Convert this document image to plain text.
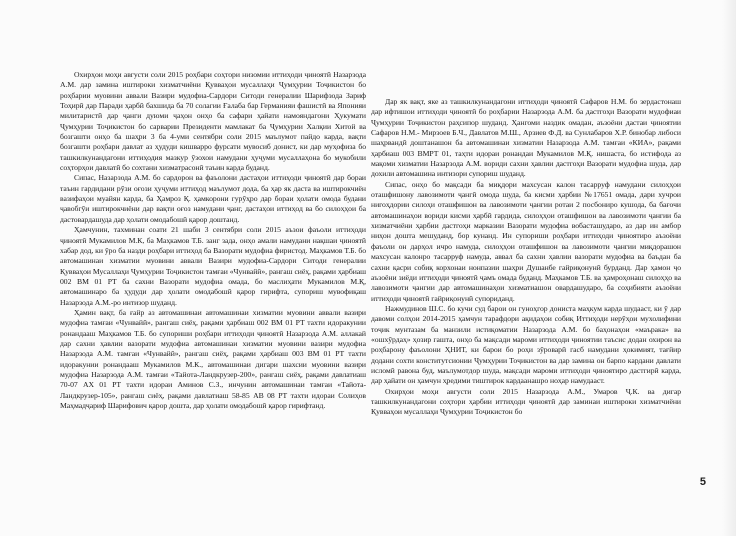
Охирҳои моҳи августи соли 2015 роҳбари соҳтори низомии иттиҳоди ҷиноятӣ Назарзода А.М. дар замина иштироки хизматчиёни Қувваҳои мусаллаҳи Ҷумҳурии Тоҷикистон бо роҳбарии муовини аввали Вазири мудофиа-Сардори Ситоди генералии Шарифзода Зариф Тоҳирӣ дар Паради ҳарбӣ бахшида ба 70 солагии Ғалаба бар Германияи фашистӣ ва Японияи милитаристӣ дар ҷанги дуюми ҷаҳон онҳо ба сафари ҳайати намояндагони Ҳукумати Ҷумҳурии Тоҷикистон бо сарварии Президенти мамлакат ба Ҷумҳурии Халқии Хитой ва бозгашти онҳо ба шаҳри 3 ба 4-уми сентябри соли 2015 маълумот пайдо карда, вақти бозгашти роҳбари давлат аз ҳудуди кишварро фурсати мувосиб донист, ки дар муҳофиза бо ташкилкунандагони иттиҳодия мазкур ӯзохои намудани ҳуҷуми мусаллаҳона бо мукобили соҳторҳои давлатӣ бо сохтани хизматрасонӣ таъин карда буданд.

Сипас, Назарзода А.М. бо сардорон ва фаъолони дастаҳои иттиҳоди ҷиноятӣ дар бораи таъин гардидани рӯзи оғози ҳуҷуми иттиҳод маълумот дода, ба ҳар як даста ва иштирокчиён вазифаҳои муайян карда, ба Ҳамроз Қ. ҳамкорони гурӯҳро дар бораи ҳолати омода будани ҷавобгӯи иштирокчиёни дар вақти оғоз намудани ҷанг, дастаҳои иттиҳод ва бо силоҳҳои ба дастовардашуда дар ҳолати омодабошӣ қарор доштанд.

Ҳамчунин, тахминан соати 21 шаби 3 сентябри соли 2015 аъзои фаъоли иттиҳоди ҷиноятӣ Мукамилов М.К, ба Маҳкамов Т.Б. занг зада, онҳо амали намудани нақшаи ҷиноятӣ хабар дод, ки ӯро ба назди роҳбари иттиҳод ба Вазорати мудофиа фиристод. Маҳкамов Т.Б. бо автомашинаи хизматии муовини аввали Вазири мудофиа-Сардори Ситоди генералии Қувваҳои Мусаллаҳи Ҷумҳурии Тоҷикистон тамғаи «Чунвайӣ», рангаш сиёҳ, рақами ҳарбиаш 002 ВМ 01 РТ ба сахни Вазорати мудофиа омада, бо маслиҳати Мукамилов М.Қ, автомашинаро ба ҳудуди дар ҳолати омодабошӣ қарор гирифта, супориш мувофиқаш Назарзода А.М.-ро интизор шуданд.

Ҳамин вақт, ба ғайр аз автомашинаи автомашинаи хизматии муовини аввали вазири мудофиа тамғаи «Чунвайӣ», рангаш сиёҳ, рақами ҳарбиаш 002 ВМ 01 РТ тахти идоракунии ронандааш Маҳкамов Т.Б. бо супориши роҳбари иттиҳоди ҷиноятӣ Назарзода А.М. аллакай дар сахни ҳавлии вазорати мудофиа автомашинаи хизматии муовини вазири мудофиа Назарзода А.М. тамғаи «Чунвайӣ», рангаш сиёҳ, рақами ҳарбиаш 003 ВМ 01 РТ тахти идоракунии ронандааш Мукамилов М.К., автомашинаи дигари шахсии муовини вазири мудофиа Назарзода А.М. тамғаи «Тайота-Ландкрузер-200», рангаш сиёҳ, рақами давлатиаш 70-07 АХ 01 РТ тахти идораи Аминов С.З., инчунин автомашинаи тамғаи «Тайота-Ландкрузер-105», рангаш сиёҳ, рақами давлатиаш 58-85 АВ 08 РТ тахти идораи Солиҳов Маҳмадҷариф Шарифович қарор дошта, дар ҳолати омодабошӣ қарор гирифтанд.

Дар як вақт, яке аз ташкилкунандагони иттиҳоди ҷиноятӣ Сафаров Н.М. бо зердастонаш дар ифтишои иттиҳоди ҷиноятӣ бо роҳбарии Назарзода А.М. ба дастгоҳи Вазорати мудофиаи Ҷумҳурии Тоҷикистон раҳсипор шуданд. Ҳангоми наздик омадан, аъзоёни дастаи ҷиноятии Сафаров Н.М.- Мирзоев Б.Ч., Давлатов М.Ш., Арзиев Ф.Д. ва Сунлабаров Х.Р. бинобар либоси шаҳрвандӣ доштанашон ба автомашинаи хизматии Назарзода А.М. тамғаи «КИА», рақами ҳарбиаш 003 ВМРТ 01, таҳти идораи ронандаи Мукамилов М.Қ. нишаста, бо истифода аз мақоми хизматии Назарзода А.М. вориди сахни ҳавлии дастгоҳи Вазорати мудофиа шуда, дар дохили автомашина интизори супориш шуданд.

Сипас, онҳо бо мақсади ба миқдори махсусан калон тасарруф намудани силоҳҳои оташфишону лавозимоти ҷангӣ омода шуда, ба кисми ҳарбии №17651 омада, дари хучрои нигоҳдории силоҳи оташфишон ва лавозимоти ҷангии ротаи 2 посбониро кушода, ба бағочи автомашинаҳои вориди кисми ҳарбӣ гардида, силоҳҳои оташфишон ва лавозимоти ҷангии ба хизматчиёни ҳарбии дастгоҳи марказии Вазорати мудофиа вобасташударо, аз дар ин амбор ниҳон дошта мешуданд, бор кунанд. Ин супориши роҳбари иттиҳоди ҷиноятиро аъзоёни фаъоли он дарҳол ичро намуда, силоҳҳои оташфишон ва лавозимоти ҷангии миқдорашон махсусан калонро тасарруф намуда, аввал ба сахни ҳавлии вазорати мудофиа ва баъдан ба сахни қасри собиқ корхонаи нонпазии шаҳри Душанбе гайриқонунӣ бурданд. Дар ҳамон ҷо аъзоёни зиёди иттиҳоди ҷиноятӣ ҷамъ омада буданд. Маҳкамов Т.Б. ва ҳамроҳонаш силоҳҳо ва лавозимоти ҷангии дар автомашинаҳои хизматиашон овардашударо, ба соҳибияти аъзоёни иттиҳоди ҷиноятӣ гайриқонунӣ супориданд.

Нажмудинов Ш.С. бо кучи суд барои он гуноҳгор дониста маҳкум карда шудааст, ки ӯ дар давоми солҳои 2014-2015 ҳамчун тарафдори ақидаҳои собиқ Иттиҳоди нерӯҳои мухолифини тоҷик мунтазам ба манзили истиқоматии Назарзода А.М. бо баҳонаҳои «маърака» ва «ошхӯрдаҳ» ҳозир гашта, онҳо ба мақсади мароми иттиҳоди ҷиноятии таъсис додан охирон ва роҳбарону фаъолони ҲНИТ, ки барои бо роҳи зӯроварӣ гасб намудани ҳокимият, тағйир додани сохти конститутсионии Ҷумҳурии Тоҷикистон ва дар замина он барпо кардани давлати исломӣ равона буд, маълумотдор шуда, мақсади мароми иттиҳоди ҷиноятиро дастгирӣ карда, дар ҳайати он ҳамчун ҳредими тиштирок кардаанашро ноҳар намудааст.

Охирҳои моҳи августи соли 2015 Назарзода А.М., Умаров Ҷ.К. ва дигар ташкилкунандагони соҳтори ҳарбии иттиҳоди ҷиноятӣ дар заминаи иштироки хизматчиёни Қувваҳои мусаллаҳи Ҷумҳурии Тоҷикистон бо

5
